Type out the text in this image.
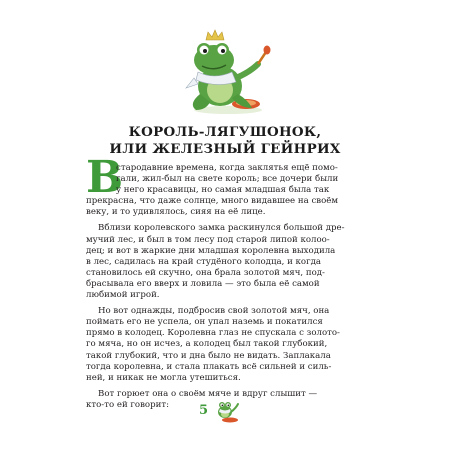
КОРОЛЬ-ЛЯГУШОНОК,
ИЛИ ЖЕЛЕЗНЫЙ ГЕЙНРИХ
В
стародавние времена, когда заклятья ещё помо-
гали, жил-был на свете король; все дочери были
у него красавицы, но самая младшая была так
прекрасна, что даже солнце, много видавшее на своём
веку, и то удивлялось, сияя на её лице.
Вблизи королевского замка раскинулся большой дре-
мучий лес, и был в том лесу под старой липой колоо-
дец; и вот в жаркие дни младшая королевна выходила
в лес, садилась на край студёного колодца, и когда
становилось ей скучно, она брала золотой мяч, под-
брасывала его вверх и ловила — это была её самой
любимой игрой.
Но вот однажды, подбросив свой золотой мяч, она
поймать его не успела, он упал наземь и покатился
прямо в колодец. Королевна глаз не спускала с золото-
го мяча, но он исчез, а колодец был такой глубокий,
такой глубокий, что и дна было не видать. Заплакала
тогда королевна, и стала плакать всё сильней и силь-
ней, и никак не могла утешиться.
Вот горюет она о своём мяче и вдруг слышит —
кто-то ей говорит:	5
